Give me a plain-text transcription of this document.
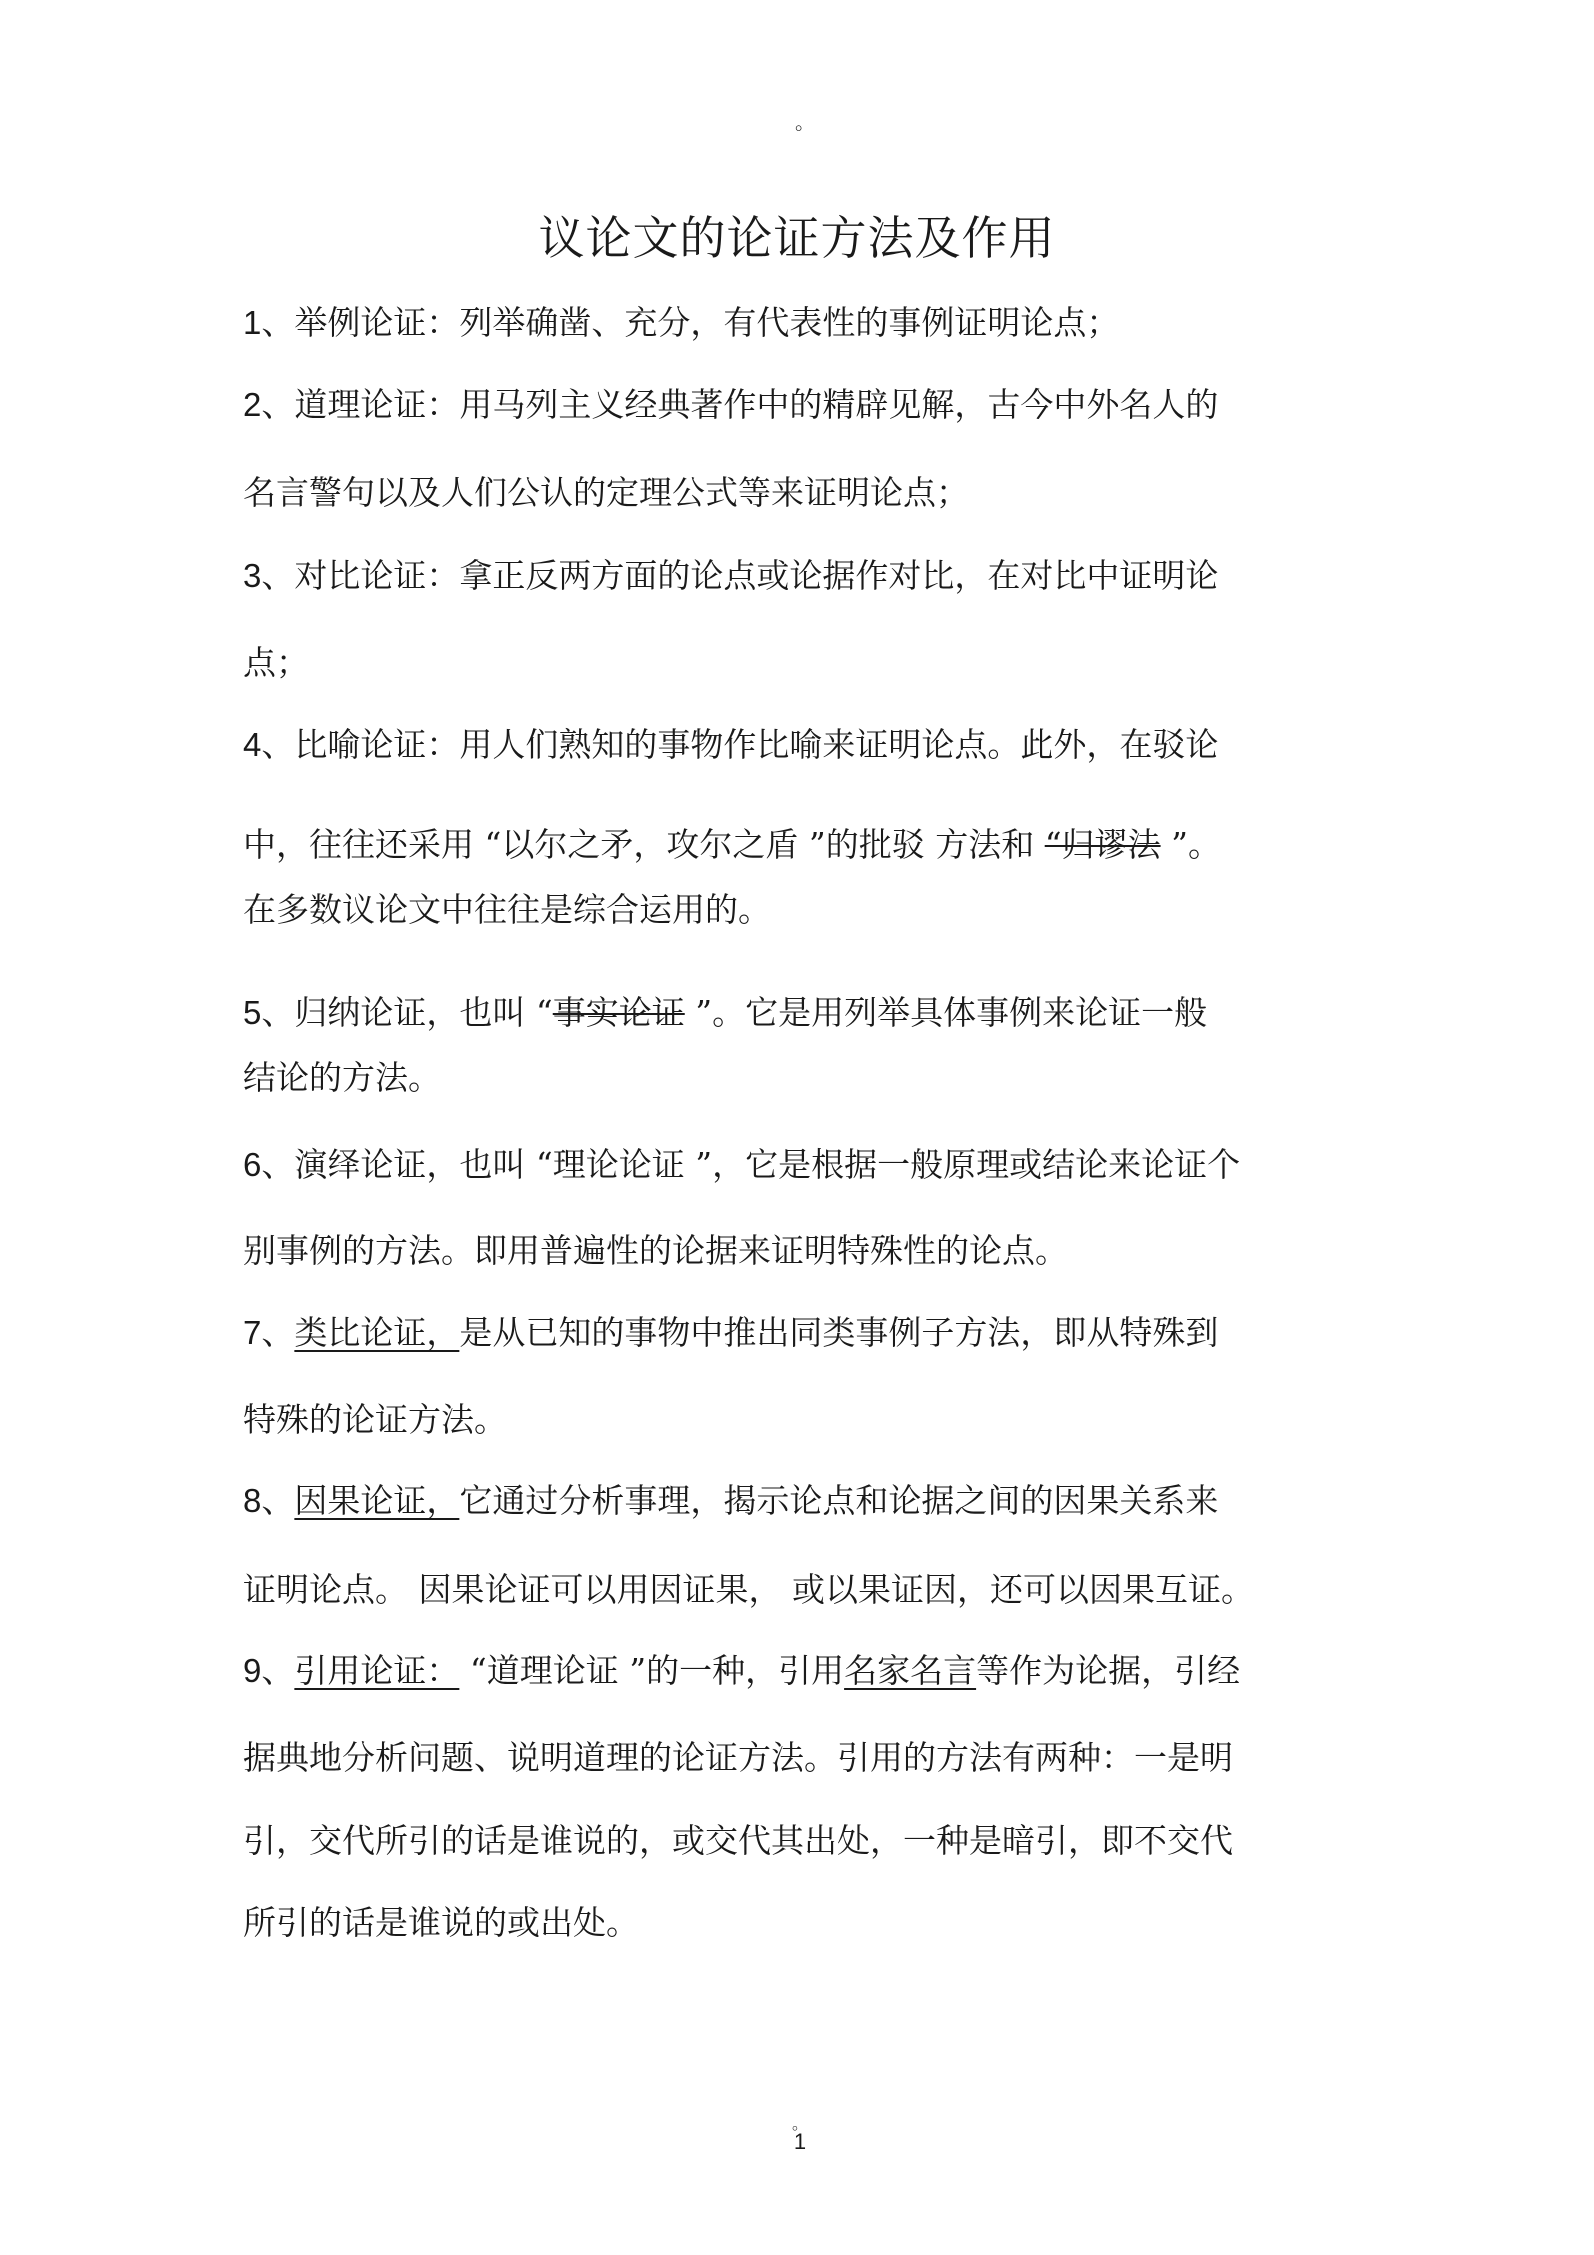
。
议论文的论证方法及作用
1、举例论证：列举确凿、充分，有代表性的事例证明论点；
2、道理论证：用马列主义经典著作中的精辟见解，古今中外名人的
名言警句以及人们公认的定理公式等来证明论点；
3、对比论证：拿正反两方面的论点或论据作对比，在对比中证明论
点；
4、比喻论证：用人们熟知的事物作比喻来证明论点。此外，在驳论
中，往往还采用 “以尔之矛，攻尔之盾 ”的批驳 方法和 “归谬法 ”。
在多数议论文中往往是综合运用的。
5、归纳论证，也叫 “事实论证 ”。它是用列举具体事例来论证一般
结论的方法。
6、演绎论证，也叫 “理论论证 ”，它是根据一般原理或结论来论证个
别事例的方法。即用普遍性的论据来证明特殊性的论点。
7、类比论证，是从已知的事物中推出同类事例子方法，即从特殊到
特殊的论证方法。
8、因果论证，它通过分析事理，揭示论点和论据之间的因果关系来
证明论点。 因果论证可以用因证果， 或以果证因，还可以因果互证。
9、引用论证： “道理论证 ”的一种，引用名家名言等作为论据，引经
据典地分析问题、说明道理的论证方法。引用的方法有两种：一是明
引，交代所引的话是谁说的，或交代其出处，一种是暗引，即不交代
所引的话是谁说的或出处。
。
1
